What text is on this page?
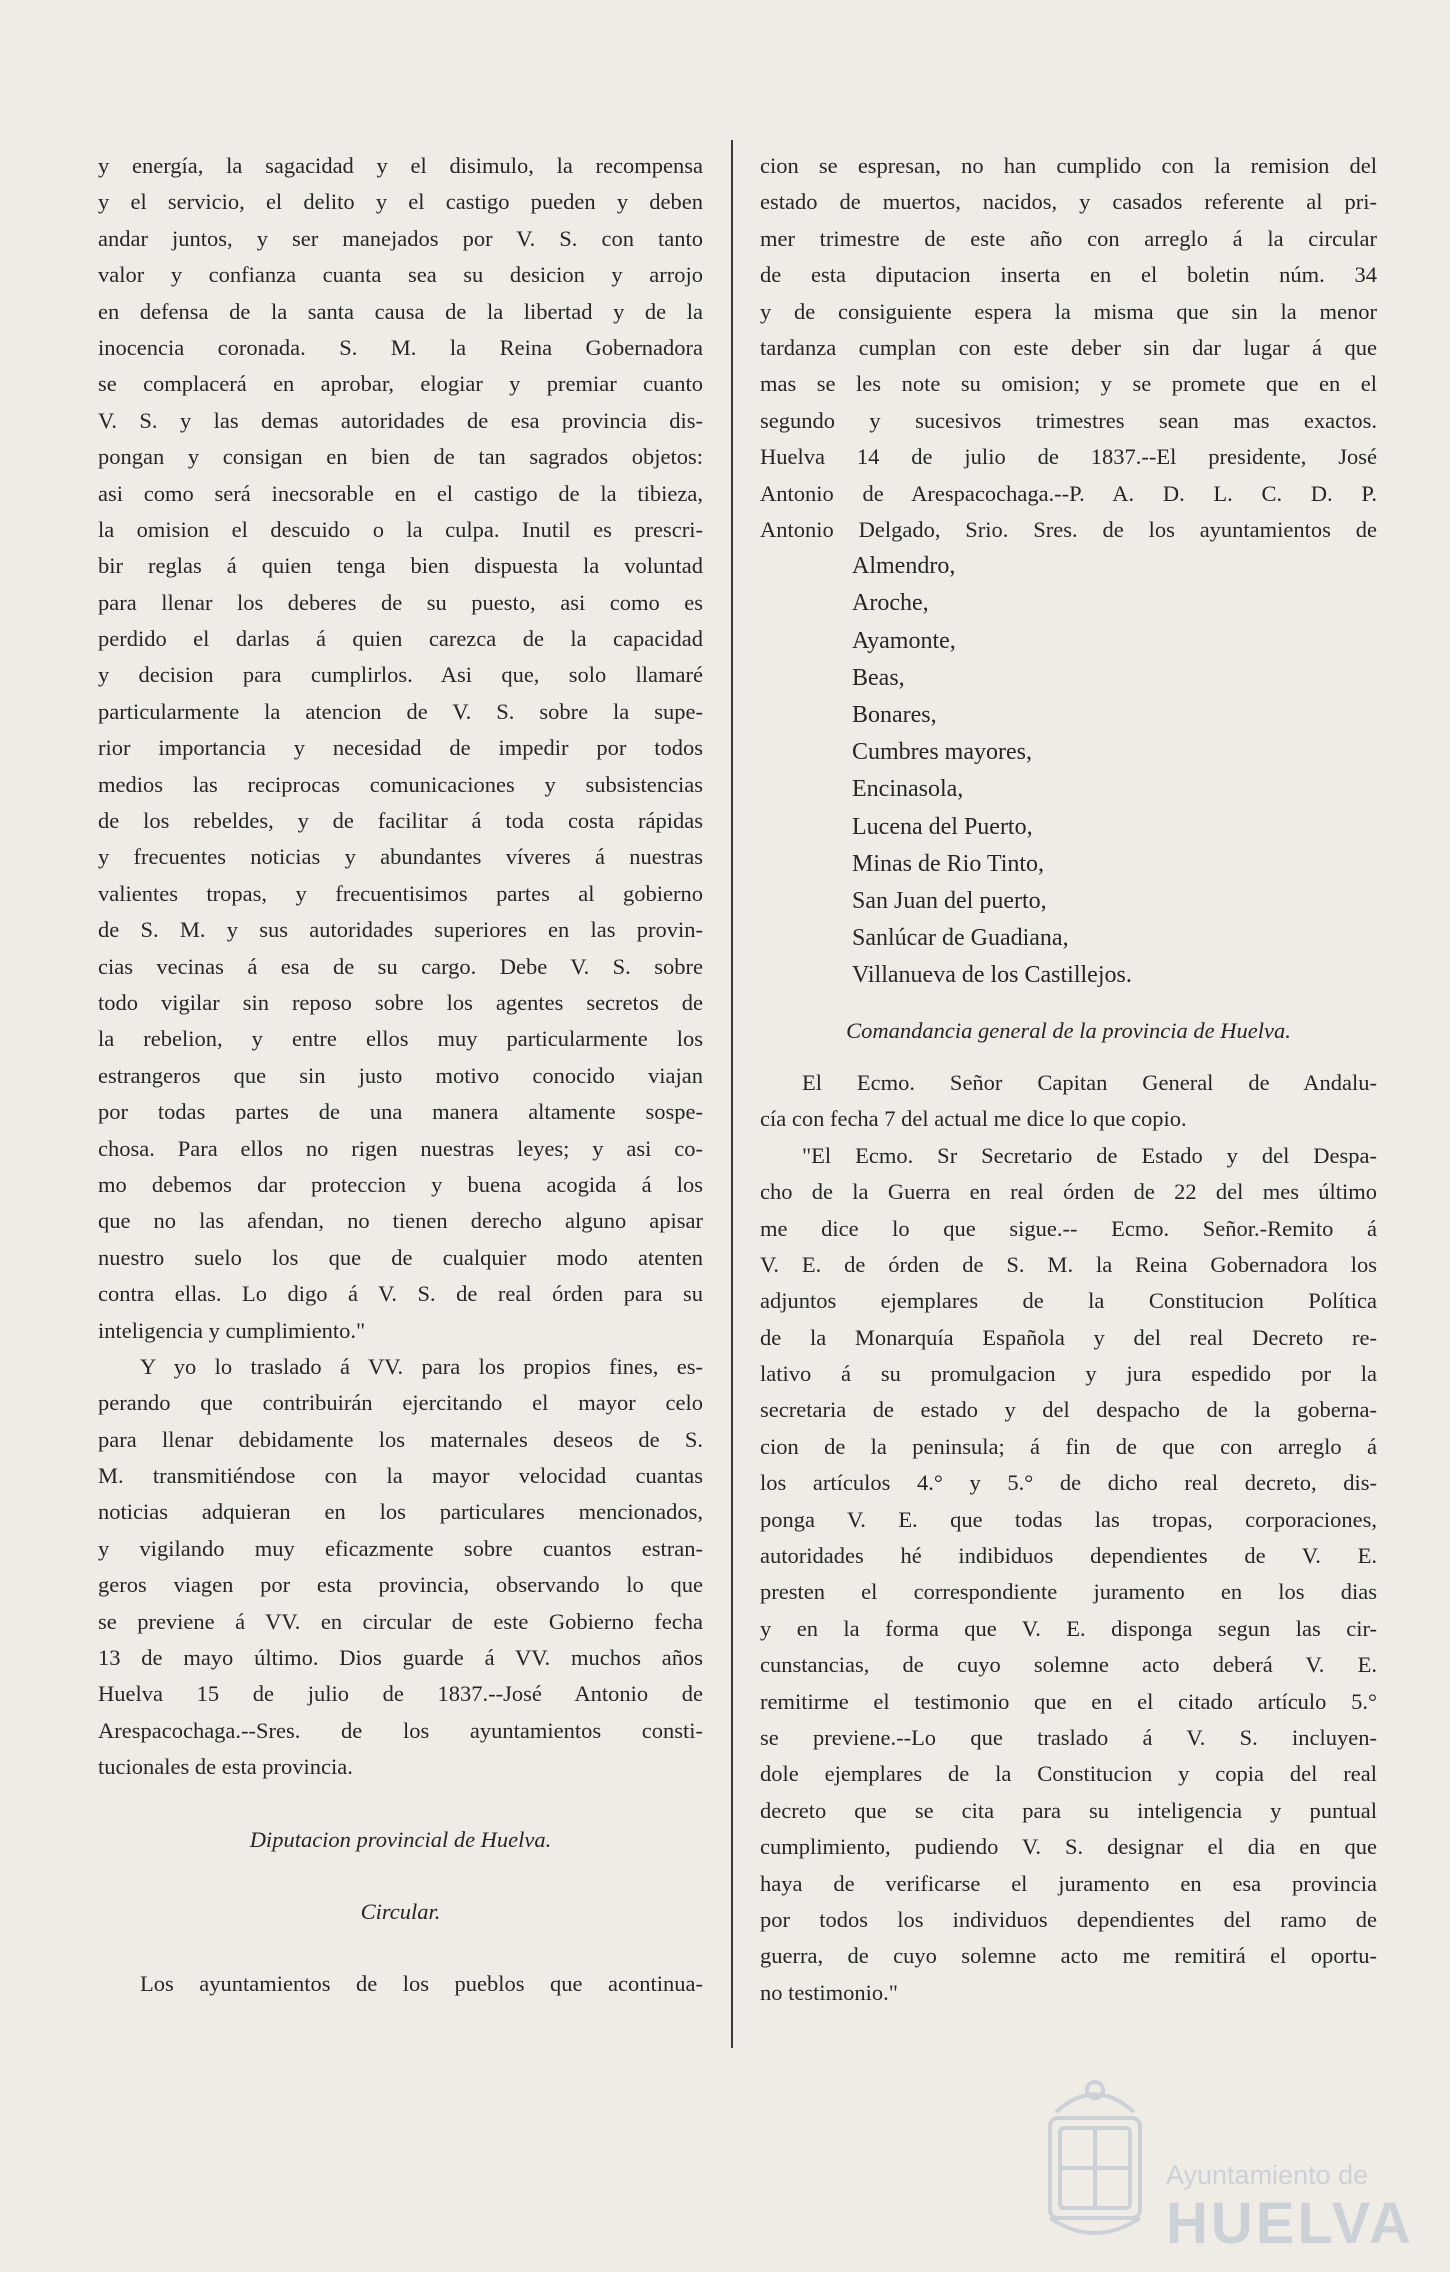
y energía, la sagacidad y el disimulo, la recompensa
y el servicio, el delito y el castigo pueden y deben
andar juntos, y ser manejados por V. S. con tanto
valor y confianza cuanta sea su desicion y arrojo
en defensa de la santa causa de la libertad y de la
inocencia coronada. S. M. la Reina Gobernadora
se complacerá en aprobar, elogiar y premiar cuanto
V. S. y las demas autoridades de esa provincia dis-
pongan y consigan en bien de tan sagrados objetos:
asi como será inecsorable en el castigo de la tibieza,
la omision el descuido o la culpa. Inutil es prescri-
bir reglas á quien tenga bien dispuesta la voluntad
para llenar los deberes de su puesto, asi como es
perdido el darlas á quien carezca de la capacidad
y decision para cumplirlos. Asi que, solo llamaré
particularmente la atencion de V. S. sobre la supe-
rior importancia y necesidad de impedir por todos
medios las reciprocas comunicaciones y subsistencias
de los rebeldes, y de facilitar á toda costa rápidas
y frecuentes noticias y abundantes víveres á nuestras
valientes tropas, y frecuentisimos partes al gobierno
de S. M. y sus autoridades superiores en las provin-
cias vecinas á esa de su cargo. Debe V. S. sobre
todo vigilar sin reposo sobre los agentes secretos de
la rebelion, y entre ellos muy particularmente los
estrangeros que sin justo motivo conocido viajan
por todas partes de una manera altamente sospe-
chosa. Para ellos no rigen nuestras leyes; y asi co-
mo debemos dar proteccion y buena acogida á los
que no las afendan, no tienen derecho alguno apisar
nuestro suelo los que de cualquier modo atenten
contra ellas. Lo digo á V. S. de real órden para su
inteligencia y cumplimiento."
Y yo lo traslado á VV. para los propios fines, es-
perando que contribuirán ejercitando el mayor celo
para llenar debidamente los maternales deseos de S.
M. transmitiéndose con la mayor velocidad cuantas
noticias adquieran en los particulares mencionados,
y vigilando muy eficazmente sobre cuantos estran-
geros viagen por esta provincia, observando lo que
se previene á VV. en circular de este Gobierno fecha
13 de mayo último. Dios guarde á VV. muchos años
Huelva 15 de julio de 1837.--José Antonio de
Arespacochaga.--Sres. de los ayuntamientos consti-
tucionales de esta provincia.
Diputacion provincial de Huelva.
Circular.
Los ayuntamientos de los pueblos que acontinua-
cion se espresan, no han cumplido con la remision del
estado de muertos, nacidos, y casados referente al pri-
mer trimestre de este año con arreglo á la circular
de esta diputacion inserta en el boletin núm. 34
y de consiguiente espera la misma que sin la menor
tardanza cumplan con este deber sin dar lugar á que
mas se les note su omision; y se promete que en el
segundo y sucesivos trimestres sean mas exactos.
Huelva 14 de julio de 1837.--El presidente, José
Antonio de Arespacochaga.--P. A. D. L. C. D. P.
Antonio Delgado, Srio. Sres. de los ayuntamientos de
Almendro,
Aroche,
Ayamonte,
Beas,
Bonares,
Cumbres mayores,
Encinasola,
Lucena del Puerto,
Minas de Rio Tinto,
San Juan del puerto,
Sanlúcar de Guadiana,
Villanueva de los Castillejos.
Comandancia general de la provincia de Huelva.
El Ecmo. Señor Capitan General de Andalu-
cía con fecha 7 del actual me dice lo que copio.
"El Ecmo. Sr Secretario de Estado y del Despa-
cho de la Guerra en real órden de 22 del mes último
me dice lo que sigue.-- Ecmo. Señor.-Remito á
V. E. de órden de S. M. la Reina Gobernadora los
adjuntos ejemplares de la Constitucion Política
de la Monarquía Española y del real Decreto re-
lativo á su promulgacion y jura espedido por la
secretaria de estado y del despacho de la goberna-
cion de la peninsula; á fin de que con arreglo á
los artículos 4.° y 5.° de dicho real decreto, dis-
ponga V. E. que todas las tropas, corporaciones,
autoridades hé indibiduos dependientes de V. E.
presten el correspondiente juramento en los dias
y en la forma que V. E. disponga segun las cir-
cunstancias, de cuyo solemne acto deberá V. E.
remitirme el testimonio que en el citado artículo 5.°
se previene.--Lo que traslado á V. S. incluyen-
dole ejemplares de la Constitucion y copia del real
decreto que se cita para su inteligencia y puntual
cumplimiento, pudiendo V. S. designar el dia en que
haya de verificarse el juramento en esa provincia
por todos los individuos dependientes del ramo de
guerra, de cuyo solemne acto me remitirá el oportu-
no testimonio."
Ayuntamiento de
HUELVA
